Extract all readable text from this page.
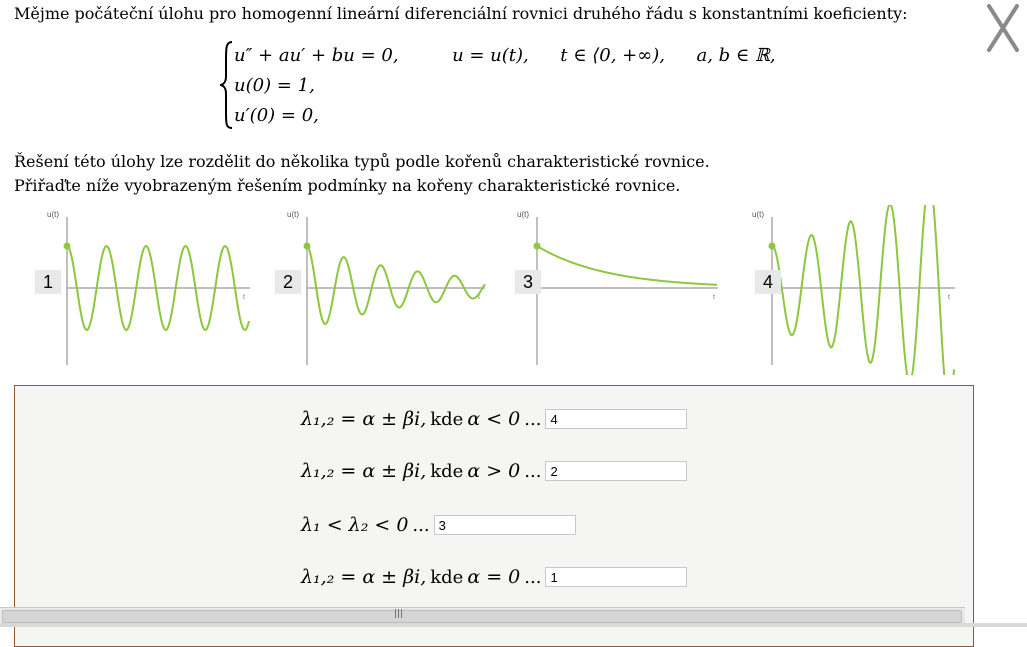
Mějme počáteční úlohu pro homogenní lineární diferenciální rovnici druhého řádu s konstantními koeficienty:

u″ + au′ + bu = 0,	u = u(t), t ∈ ⟨0, +∞), a, b ∈ ℝ,
u(0) = 1,
u′(0) = 0,

Řešení této úlohy lze rozdělit do několika typů podle kořenů charakteristické rovnice.

Přiřaďte níže vyobrazeným řešením podmínky na kořeny charakteristické rovnice.

u(t)
t
1
u(t)
t
2
u(t)
t
3
u(t)
t
4
λ₁,₂ = α ± βi, kde α < 0 ...
4
λ₁,₂ = α ± βi, kde α > 0 ...
2
λ₁ < λ₂ < 0 ...
3
λ₁,₂ = α ± βi, kde α = 0 ...
1
|||
